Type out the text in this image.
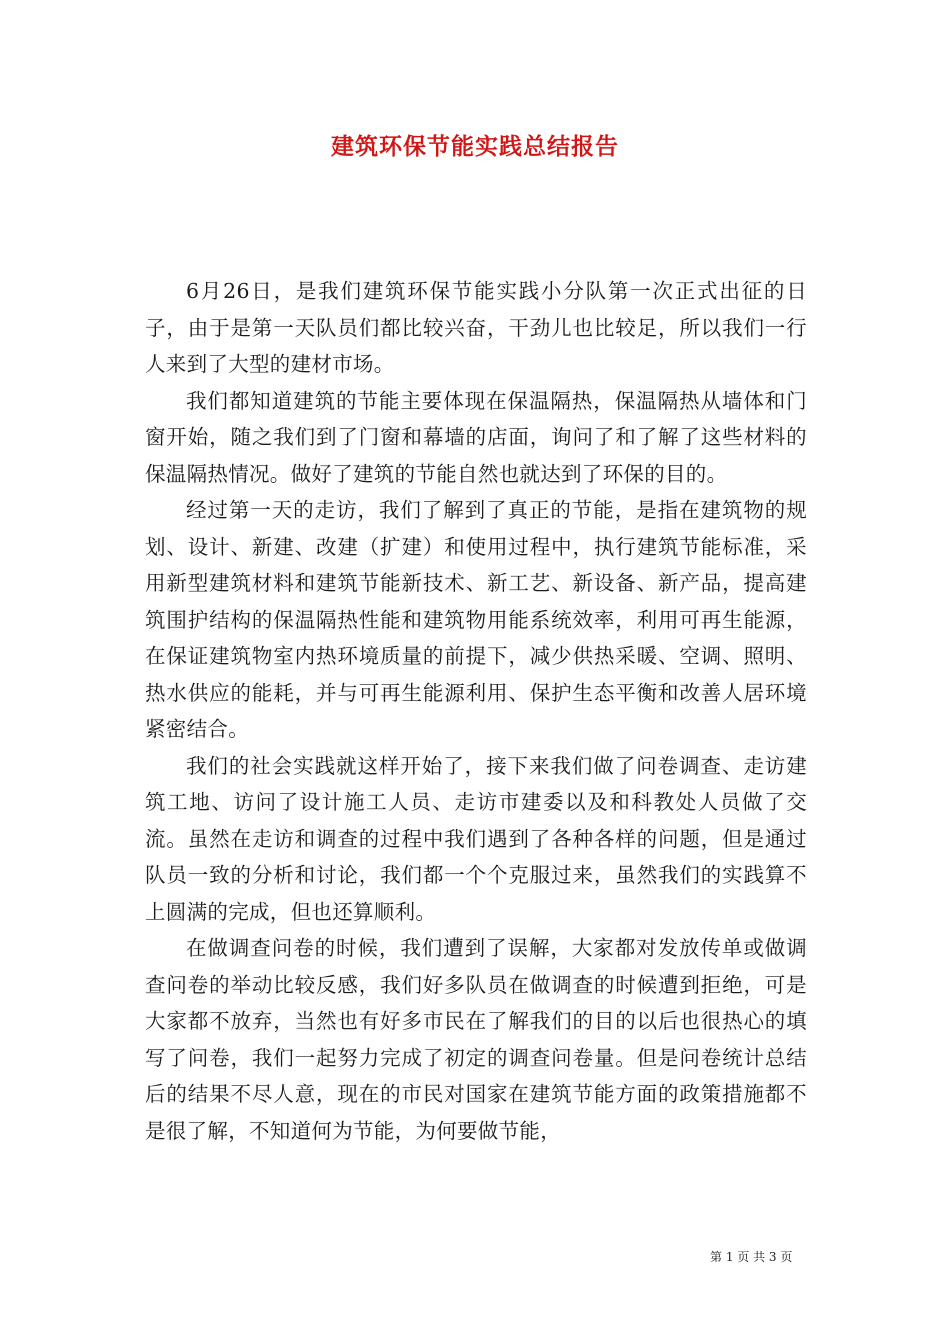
建筑环保节能实践总结报告

6月26日，是我们建筑环保节能实践小分队第一次正式出征的日子，由于是第一天队员们都比较兴奋，干劲儿也比较足，所以我们一行人来到了大型的建材市场。

我们都知道建筑的节能主要体现在保温隔热，保温隔热从墙体和门窗开始，随之我们到了门窗和幕墙的店面，询问了和了解了这些材料的保温隔热情况。做好了建筑的节能自然也就达到了环保的目的。

经过第一天的走访，我们了解到了真正的节能，是指在建筑物的规划、设计、新建、改建（扩建）和使用过程中，执行建筑节能标准，采用新型建筑材料和建筑节能新技术、新工艺、新设备、新产品，提高建筑围护结构的保温隔热性能和建筑物用能系统效率，利用可再生能源，在保证建筑物室内热环境质量的前提下，减少供热采暖、空调、照明、热水供应的能耗，并与可再生能源利用、保护生态平衡和改善人居环境紧密结合。

我们的社会实践就这样开始了，接下来我们做了问卷调查、走访建筑工地、访问了设计施工人员、走访市建委以及和科教处人员做了交流。虽然在走访和调查的过程中我们遇到了各种各样的问题，但是通过队员一致的分析和讨论，我们都一个个克服过来，虽然我们的实践算不上圆满的完成，但也还算顺利。

在做调查问卷的时候，我们遭到了误解，大家都对发放传单或做调查问卷的举动比较反感，我们好多队员在做调查的时候遭到拒绝，可是大家都不放弃，当然也有好多市民在了解我们的目的以后也很热心的填写了问卷，我们一起努力完成了初定的调查问卷量。但是问卷统计总结后的结果不尽人意，现在的市民对国家在建筑节能方面的政策措施都不是很了解，不知道何为节能，为何要做节能，

第 1 页 共 3 页
